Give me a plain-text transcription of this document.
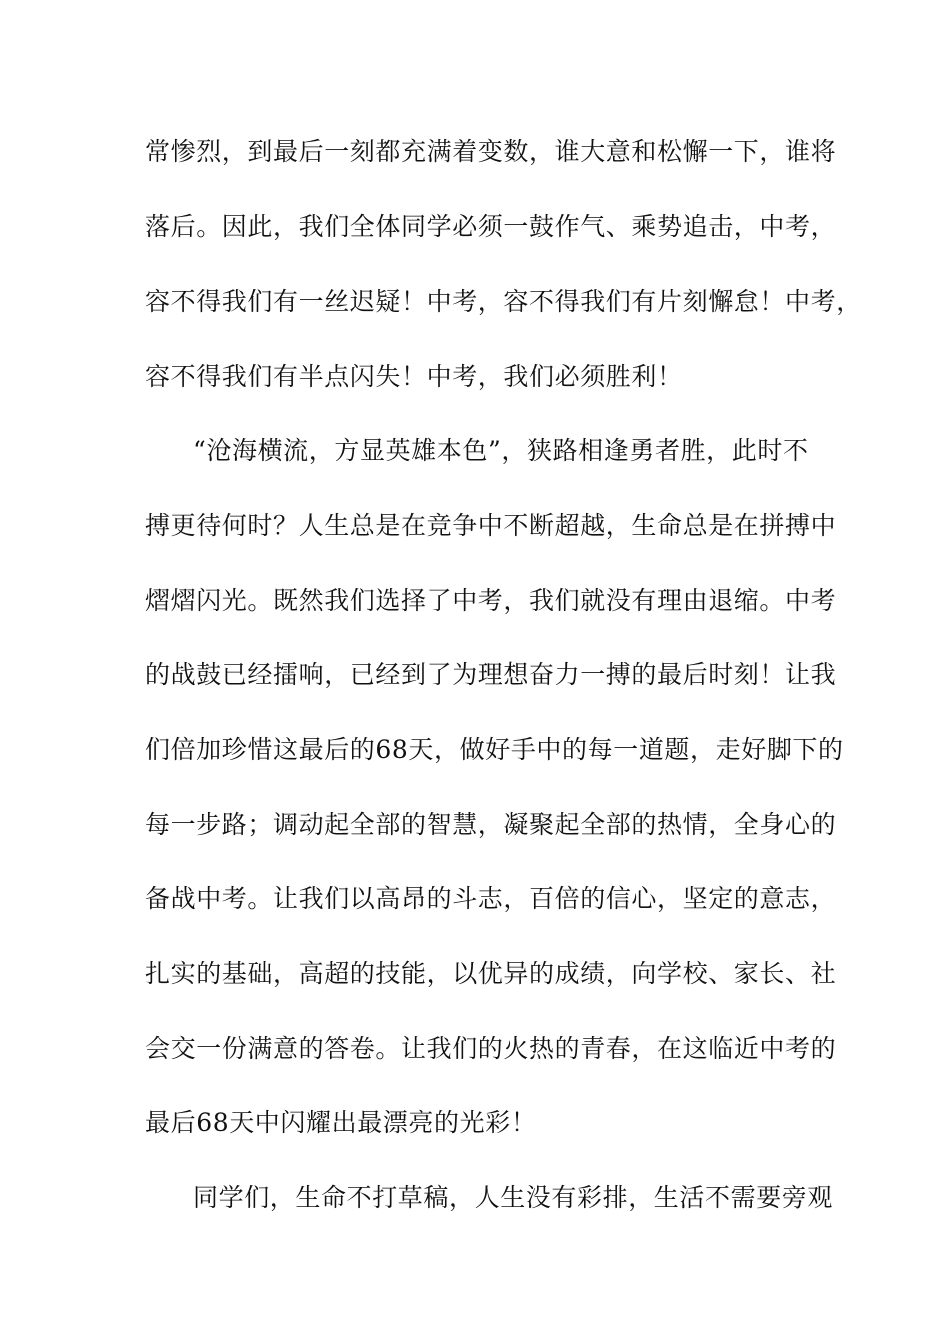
常惨烈，到最后一刻都充满着变数，谁大意和松懈一下，谁将
落后。因此，我们全体同学必须一鼓作气、乘势追击，中考，
容不得我们有一丝迟疑！中考，容不得我们有片刻懈怠！中考，
容不得我们有半点闪失！中考，我们必须胜利！
“沧海横流，方显英雄本色”，狭路相逢勇者胜，此时不
搏更待何时？人生总是在竞争中不断超越，生命总是在拼搏中
熠熠闪光。既然我们选择了中考，我们就没有理由退缩。中考
的战鼓已经擂响，已经到了为理想奋力一搏的最后时刻！让我
们倍加珍惜这最后的68天，做好手中的每一道题，走好脚下的
每一步路；调动起全部的智慧，凝聚起全部的热情，全身心的
备战中考。让我们以高昂的斗志，百倍的信心，坚定的意志，
扎实的基础，高超的技能，以优异的成绩，向学校、家长、社
会交一份满意的答卷。让我们的火热的青春，在这临近中考的
最后68天中闪耀出最漂亮的光彩！
同学们，生命不打草稿，人生没有彩排，生活不需要旁观
